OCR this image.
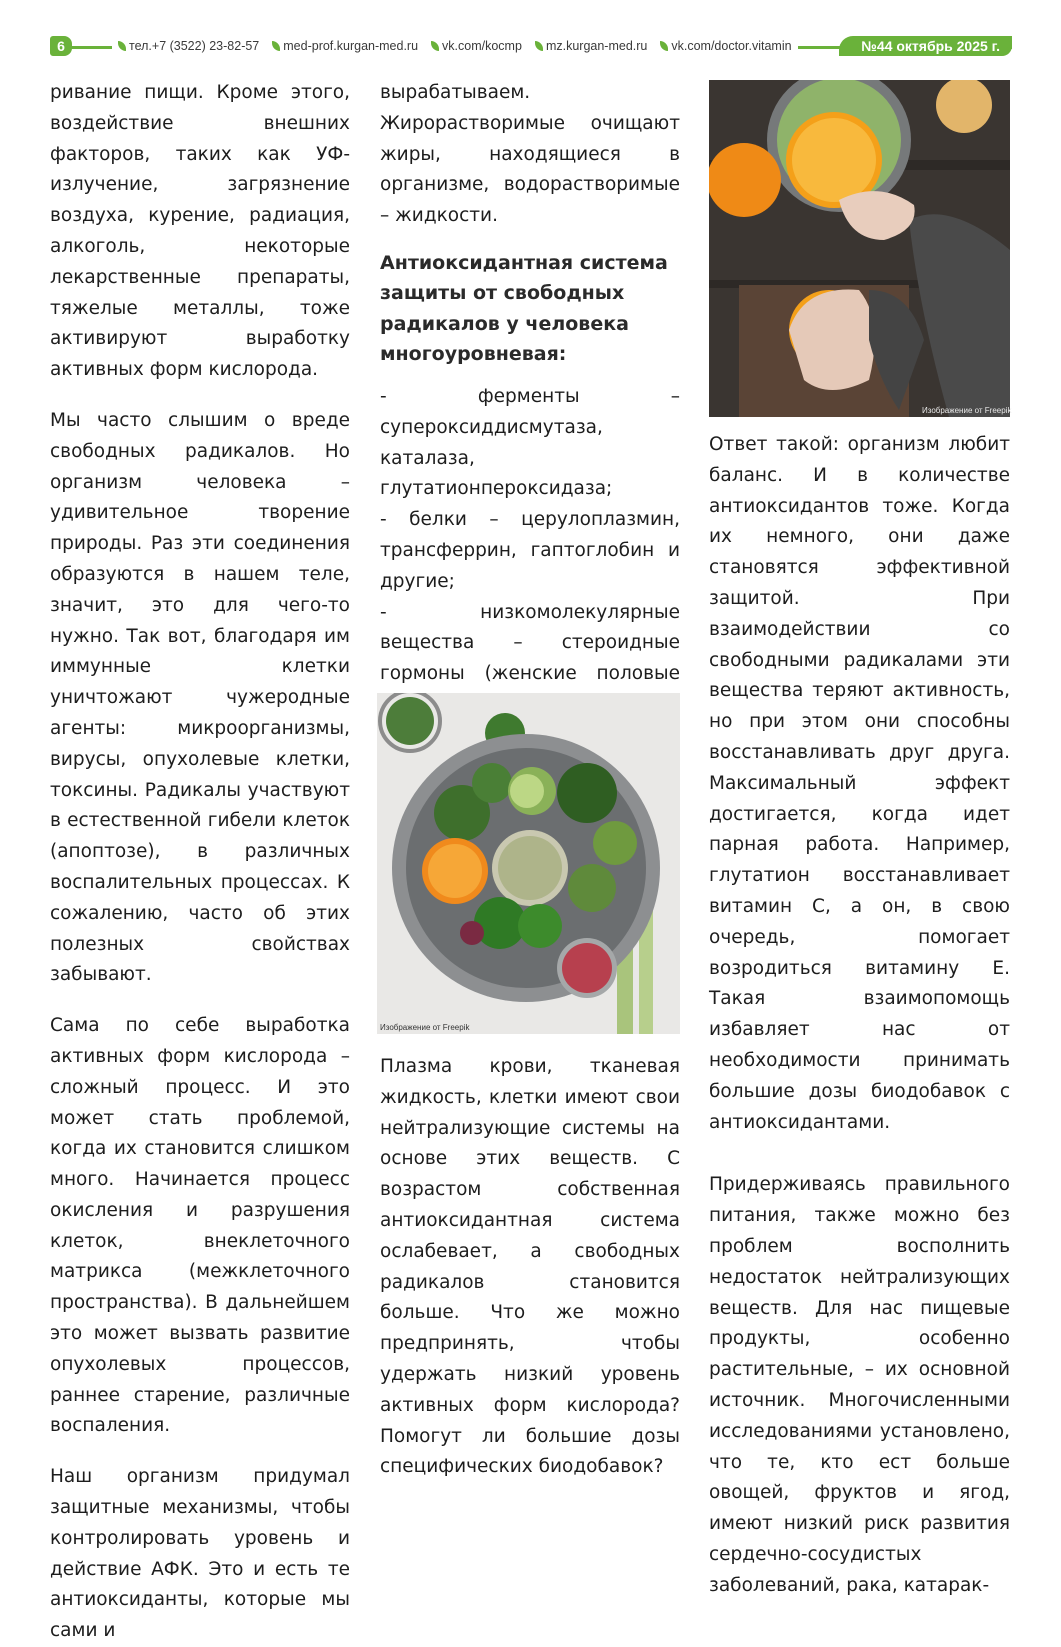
6	тел.+7 (3522) 23-82-57 med-prof.kurgan-med.ru vk.com/kocmp mz.kurgan-med.ru vk.com/doctor.vitamin	№44 октябрь 2025 г.

ривание пищи. Кроме этого, воздействие внешних факторов, таких как УФ-излучение, загрязнение воздуха, курение, радиация, алкоголь, некоторые лекарственные препараты, тяжелые металлы, тоже активируют выработку активных форм кислорода.

Мы часто слышим о вреде свободных радикалов. Но организм человека – удивительное творение природы. Раз эти соединения образуются в нашем теле, значит, это для чего-то нужно. Так вот, благодаря им иммунные клетки уничтожают чужеродные агенты: микроорганизмы, вирусы, опухолевые клетки, токсины. Радикалы участвуют в естественной гибели клеток (апоптозе), в различных воспалительных процессах. К сожалению, часто об этих полезных свойствах забывают.

Сама по себе выработка активных форм кислорода – сложный процесс. И это может стать проблемой, когда их становится слишком много. Начинается процесс окисления и разрушения клеток, внеклеточного матрикса (межклеточного пространства). В дальнейшем это может вызвать развитие опухолевых процессов, раннее старение, различные воспаления.

Наш организм придумал защитные механизмы, чтобы контролировать уровень и действие АФК. Это и есть те антиоксиданты, которые мы сами и

вырабатываем. Жирорастворимые очищают жиры, находящиеся в организме, водорастворимые – жидкости.

Антиоксидантная система защиты от свободных радикалов у человека многоуровневая:
- ферменты – супероксиддисмутаза, каталаза, глутатионпероксидаза;
- белки – церулоплазмин, трансферрин, гаптоглобин и другие;
- низкомолекулярные вещества – стероидные гормоны (женские половые
Изображение от Freepik

Плазма крови, тканевая жидкость, клетки имеют свои нейтрализующие системы на основе этих веществ. С возрастом собственная антиоксидантная система ослабевает, а свободных радикалов становится больше. Что же можно предпринять, чтобы удержать низкий уровень активных форм кислорода? Помогут ли большие дозы специфических биодобавок?

Изображение от Freepik

Ответ такой: организм любит баланс. И в количестве антиоксидантов тоже. Когда их немного, они даже становятся эффективной защитой. При взаимодействии со свободными радикалами эти вещества теряют активность, но при этом они способны восстанавливать друг друга. Максимальный эффект достигается, когда идет парная работа. Например, глутатион восстанавливает витамин С, а он, в свою очередь, помогает возродиться витамину Е. Такая взаимопомощь избавляет нас от необходимости принимать большие дозы биодобавок с антиоксидантами.

Придерживаясь правильного питания, также можно без проблем восполнить недостаток нейтрализующих веществ. Для нас пищевые продукты, особенно растительные, – их основной источник. Многочисленными исследованиями установлено, что те, кто ест больше овощей, фруктов и ягод, имеют низкий риск развития сердечно-сосудистых заболеваний, рака, катарак-
